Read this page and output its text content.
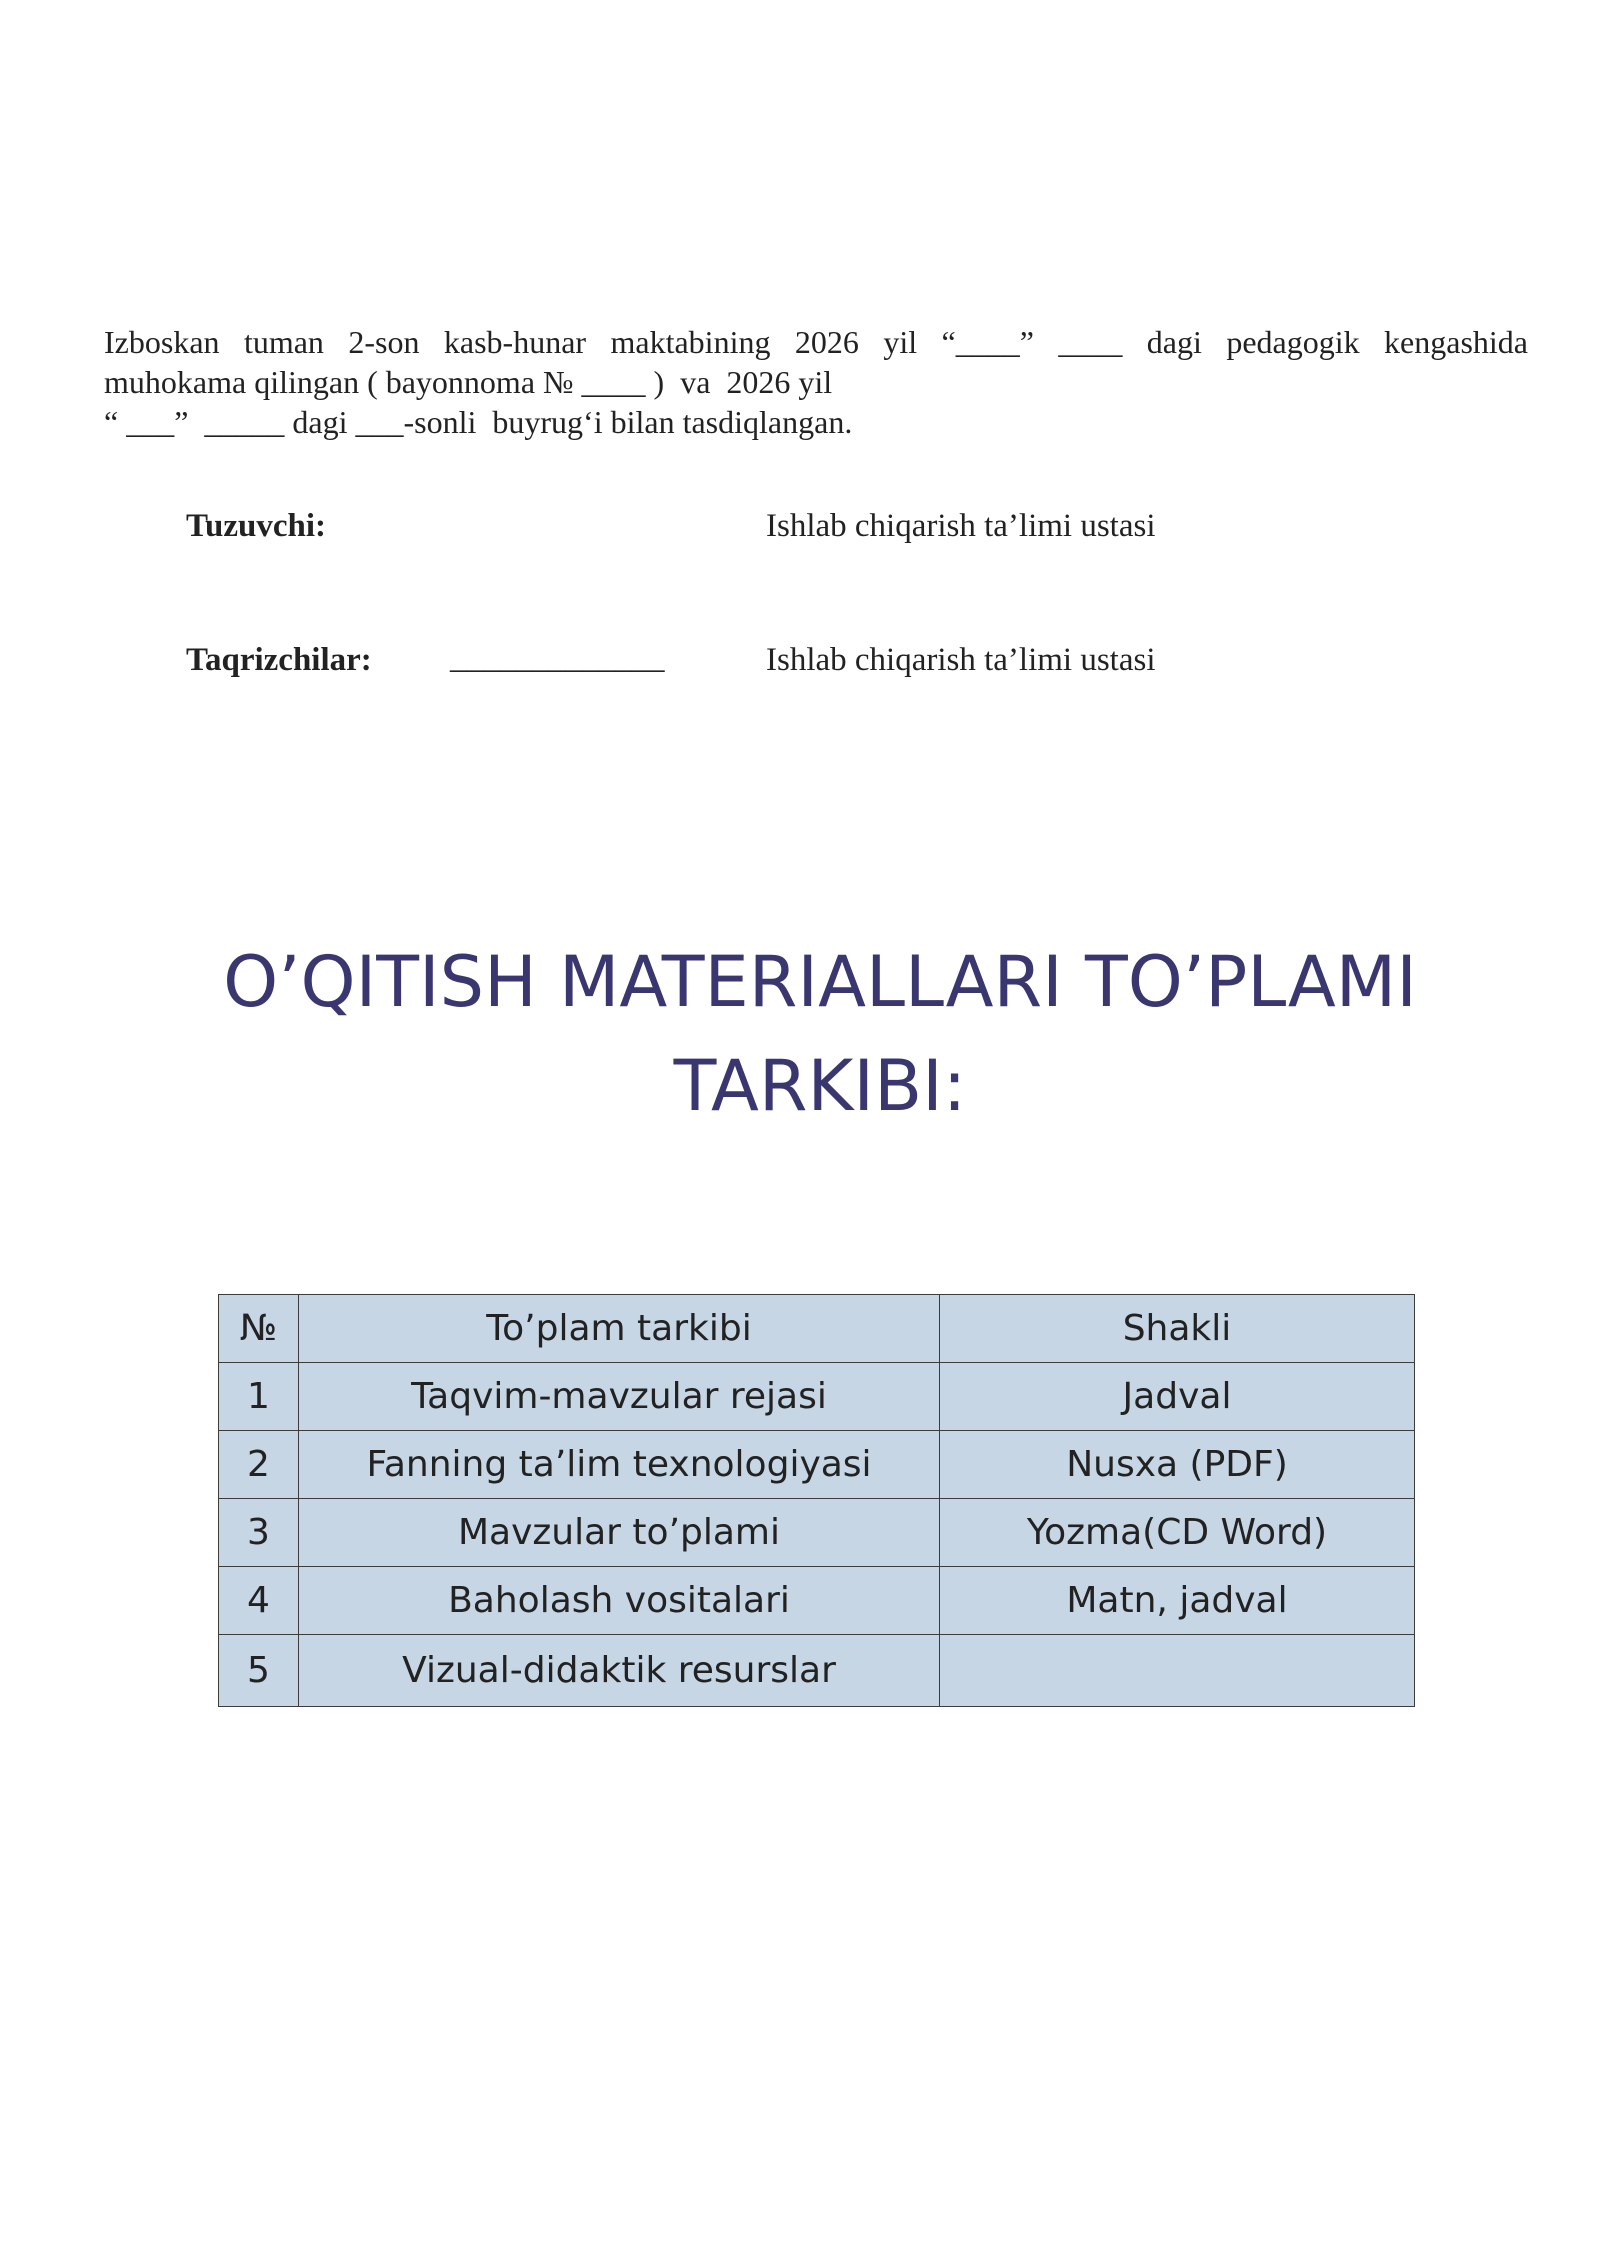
Izboskan tuman 2-son kasb-hunar maktabining 2026 yil “____” ____ dagi pedagogik kengashida
muhokama qilingan ( bayonnoma № ____ )  va  2026 yil
“ ___”  _____ dagi ___-sonli  buyrug‘i bilan tasdiqlangan.
Tuzuvchi:	Ishlab chiqarish ta’limi ustasi
Taqrizchilar: _____________	Ishlab chiqarish ta’limi ustasi
O’QITISH MATERIALLARI TO’PLAMI
TARKIBI:
№	To’plam tarkibi	Shakli
1	Taqvim-mavzular rejasi	Jadval
2	Fanning ta’lim texnologiyasi	Nusxa (PDF)
3	Mavzular to’plami	Yozma(CD Word)
4	Baholash vositalari	Matn, jadval
5	Vizual-didaktik resurslar	
